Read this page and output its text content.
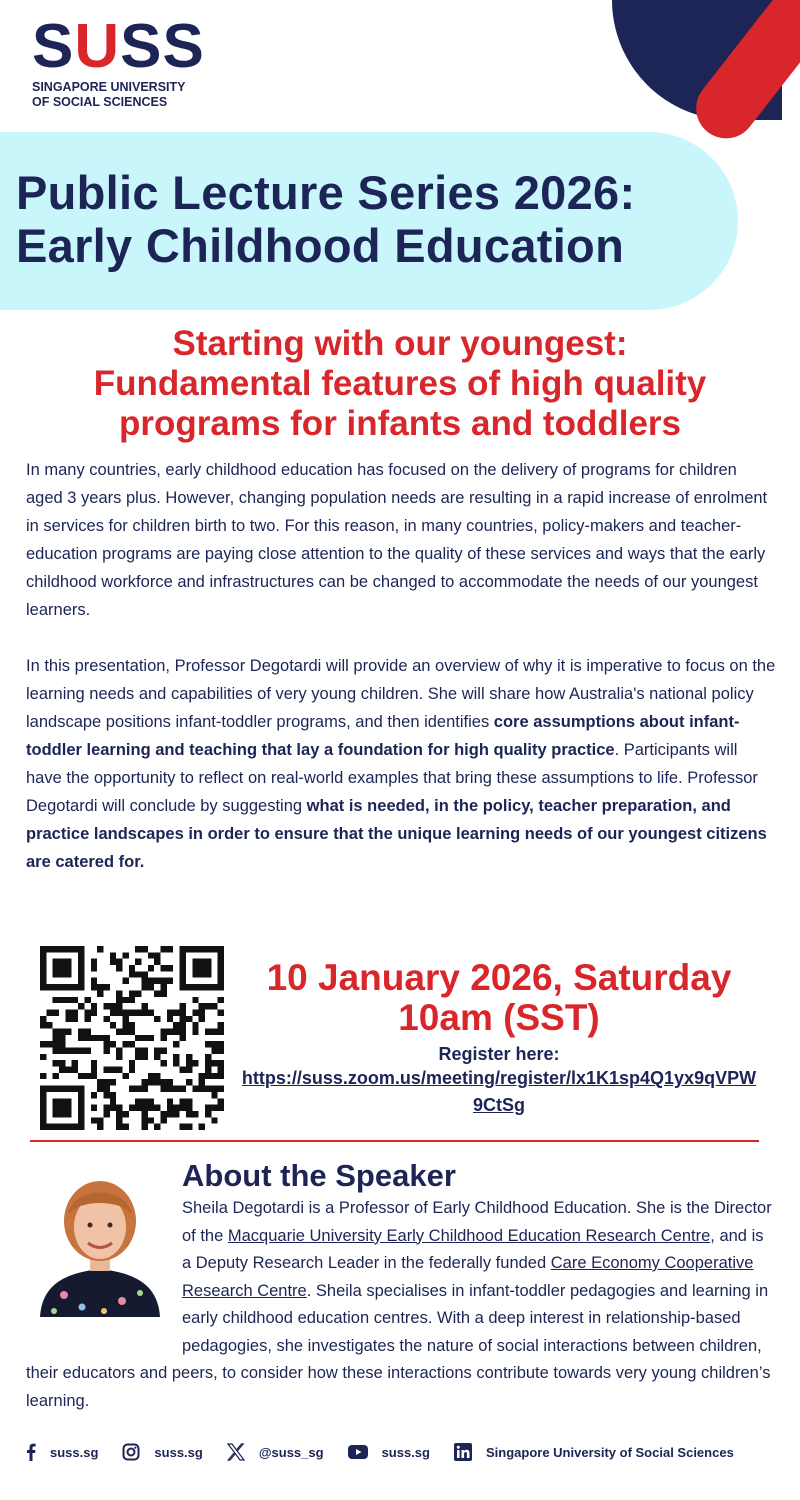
SUSS
SINGAPORE UNIVERSITY
OF SOCIAL SCIENCES
Public Lecture Series 2026:
Early Childhood Education
Starting with our youngest:
Fundamental features of high quality
programs for infants and toddlers

In many countries, early childhood education has focused on the delivery of programs for children aged 3 years plus. However, changing population needs are resulting in a rapid increase of enrolment in services for children birth to two. For this reason, in many countries, policy-makers and teacher-education programs are paying close attention to the quality of these services and ways that the early childhood workforce and infrastructures can be changed to accommodate the needs of our youngest learners.

In this presentation, Professor Degotardi will provide an overview of why it is imperative to focus on the learning needs and capabilities of very young children. She will share how Australia's national policy landscape positions infant-toddler programs, and then identifies core assumptions about infant-toddler learning and teaching that lay a foundation for high quality practice. Participants will have the opportunity to reflect on real-world examples that bring these assumptions to life. Professor Degotardi will conclude by suggesting what is needed, in the policy, teacher preparation, and practice landscapes in order to ensure that the unique learning needs of our youngest citizens are catered for.

10 January 2026, Saturday
10am (SST)
Register here:
https://suss.zoom.us/meeting/register/lx1K1sp4Q1yx9qVPW9CtSg
About the Speaker
Sheila Degotardi is a Professor of Early Childhood Education. She is the Director of the Macquarie University Early Childhood Education Research Centre, and is a Deputy Research Leader in the federally funded Care Economy Cooperative Research Centre. Sheila specialises in infant-toddler pedagogies and learning in early childhood education centres. With a deep interest in relationship-based pedagogies, she investigates the nature of social interactions between children, their educators and peers, to consider how these interactions contribute towards very young children’s learning.
suss.sg	suss.sg	@suss_sg	suss.sg	Singapore University of Social Sciences
